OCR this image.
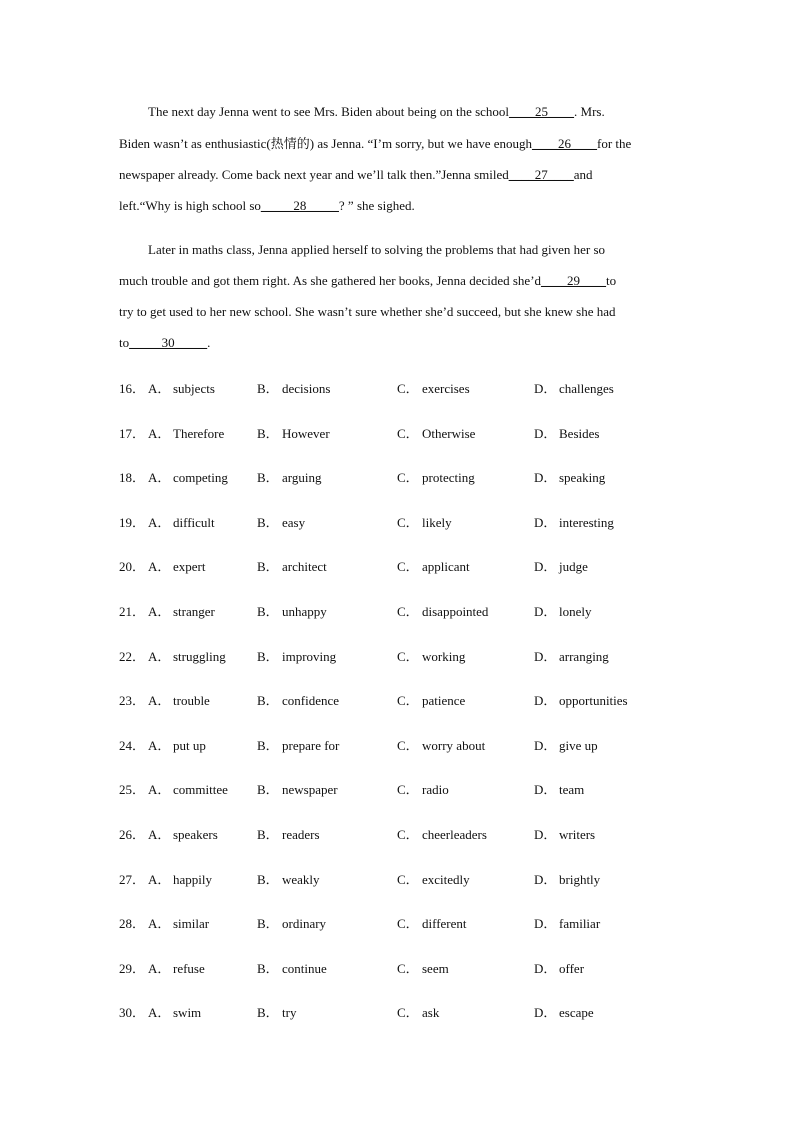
The next day Jenna went to see Mrs. Biden about being on the school____25____. Mrs.
Biden wasn’t as enthusiastic(热情的) as Jenna. “I’m sorry, but we have enough____26____for the
newspaper already. Come back next year and we’ll talk then.”Jenna smiled____27____and
left.“Why is high school so_____28_____? ” she sighed.
Later in maths class, Jenna applied herself to solving the problems that had given her so
much trouble and got them right. As she gathered her books, Jenna decided she’d____29____to
try to get used to her new school. She wasn’t sure whether she’d succeed, but she knew she had
to_____30_____.
16． A． subjects	B． decisions	C． exercises	D． challenges
17． A． Therefore	B． However	C． Otherwise	D． Besides
18． A． competing B． arguing	C． protecting	D． speaking
19． A． difficult	B． easy	C． likely	D． interesting
20． A． expert	B． architect	C． applicant	D． judge
21． A． stranger	B． unhappy	C． disappointed	D． lonely
22． A． struggling B． improving	C． working	D． arranging
23． A． trouble	B． confidence	C． patience	D． opportunities
24． A． put up	B． prepare for	C． worry about	D． give up
25． A． committee B． newspaper	C． radio	D． team
26． A． speakers	B． readers	C． cheerleaders	D． writers
27． A． happily	B． weakly	C． excitedly	D． brightly
28． A． similar	B． ordinary	C． different	D． familiar
29． A． refuse	B． continue	C． seem	D． offer
30． A． swim	B． try	C． ask	D． escape
